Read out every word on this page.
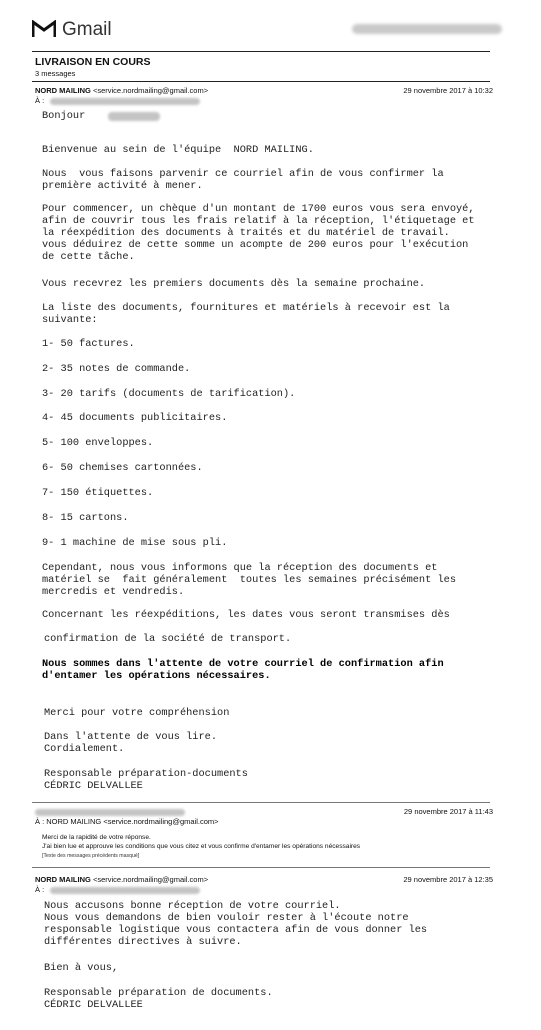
Gmail
LIVRAISON EN COURS
3 messages
NORD MAILING <service.nordmailing@gmail.com>	29 novembre 2017 à 10:32
À :
Bonjour
Bienvenue au sein de l'équipe  NORD MAILING.
Nous  vous faisons parvenir ce courriel afin de vous confirmer la
première activité à mener.
Pour commencer, un chèque d'un montant de 1700 euros vous sera envoyé,
afin de couvrir tous les frais relatif à la réception, l'étiquetage et
la réexpédition des documents à traités et du matériel de travail.
vous déduirez de cette somme un acompte de 200 euros pour l'exécution
de cette tâche.
Vous recevrez les premiers documents dès la semaine prochaine.
La liste des documents, fournitures et matériels à recevoir est la
suivante:
1- 50 factures.
2- 35 notes de commande.
3- 20 tarifs (documents de tarification).
4- 45 documents publicitaires.
5- 100 enveloppes.
6- 50 chemises cartonnées.
7- 150 étiquettes.
8- 15 cartons.
9- 1 machine de mise sous pli.
Cependant, nous vous informons que la réception des documents et
matériel se  fait généralement  toutes les semaines précisément les
mercredis et vendredis.
Concernant les réexpéditions, les dates vous seront transmises dès
confirmation de la société de transport.
Nous sommes dans l'attente de votre courriel de confirmation afin
d'entamer les opérations nécessaires.
Merci pour votre compréhension
Dans l'attente de vous lire.
Cordialement.
Responsable préparation-documents
CÉDRIC DELVALLEE
29 novembre 2017 à 11:43
À : NORD MAILING <service.nordmailing@gmail.com>
Merci de la rapidité de votre réponse.
J'ai bien lue et approuve les conditions que vous citez et vous confirme d'entamer les opérations nécessaires
[Texte des messages précédents masqué]
NORD MAILING <service.nordmailing@gmail.com>	29 novembre 2017 à 12:35
À :
Nous accusons bonne réception de votre courriel.
Nous vous demandons de bien vouloir rester à l'écoute notre
responsable logistique vous contactera afin de vous donner les
différentes directives à suivre.
Bien à vous,
Responsable préparation de documents.
CÉDRIC DELVALLEE
